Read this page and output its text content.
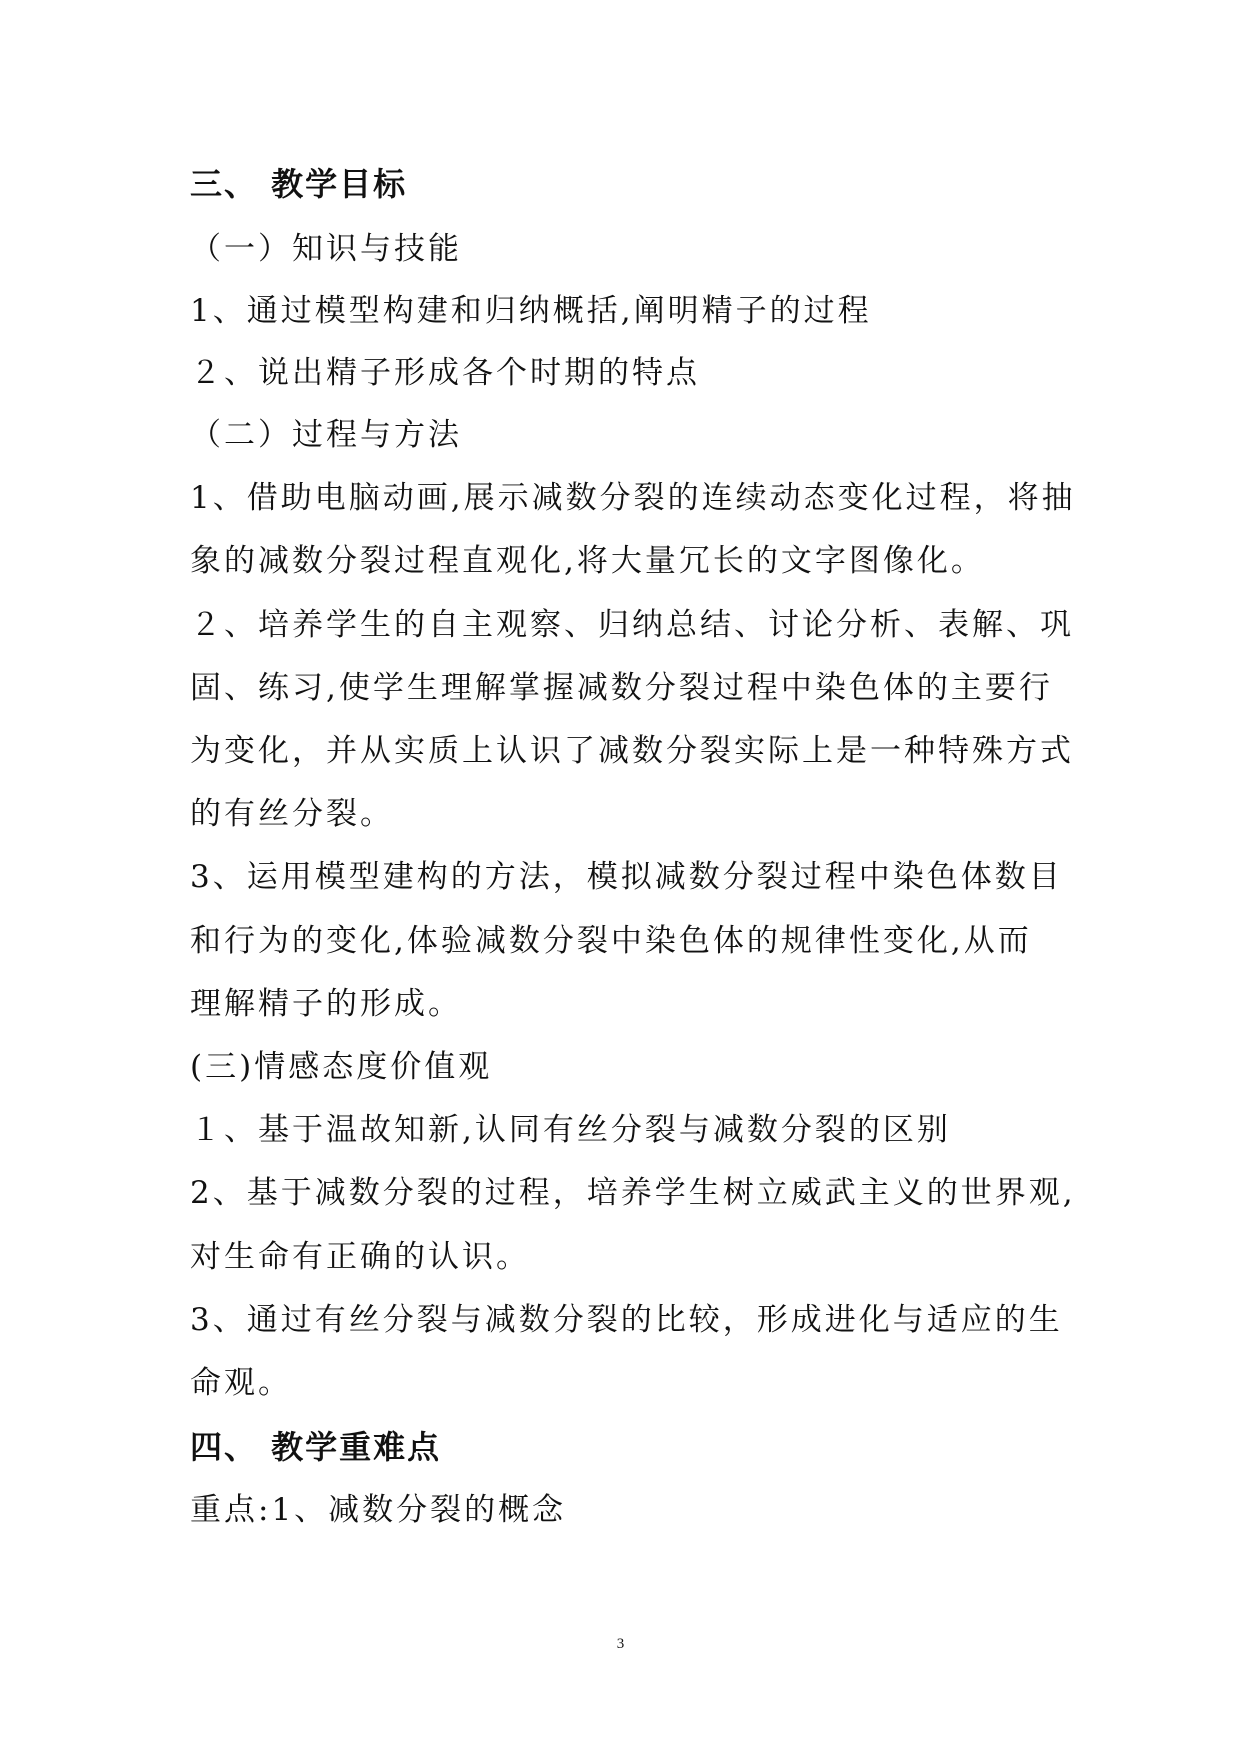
三、 教学目标
（一）知识与技能
1、通过模型构建和归纳概括,阐明精子的过程
２、说出精子形成各个时期的特点
（二）过程与方法
1、借助电脑动画,展示减数分裂的连续动态变化过程，将抽
象的减数分裂过程直观化,将大量冗长的文字图像化。
２、培养学生的自主观察、归纳总结、讨论分析、表解、巩
固、练习,使学生理解掌握减数分裂过程中染色体的主要行
为变化，并从实质上认识了减数分裂实际上是一种特殊方式
的有丝分裂。
3、运用模型建构的方法，模拟减数分裂过程中染色体数目
和行为的变化,体验减数分裂中染色体的规律性变化,从而
理解精子的形成。
(三)情感态度价值观
１、基于温故知新,认同有丝分裂与减数分裂的区别
2、基于减数分裂的过程，培养学生树立威武主义的世界观,
对生命有正确的认识。
3、通过有丝分裂与减数分裂的比较，形成进化与适应的生
命观。
四、 教学重难点
重点:1、减数分裂的概念
3
